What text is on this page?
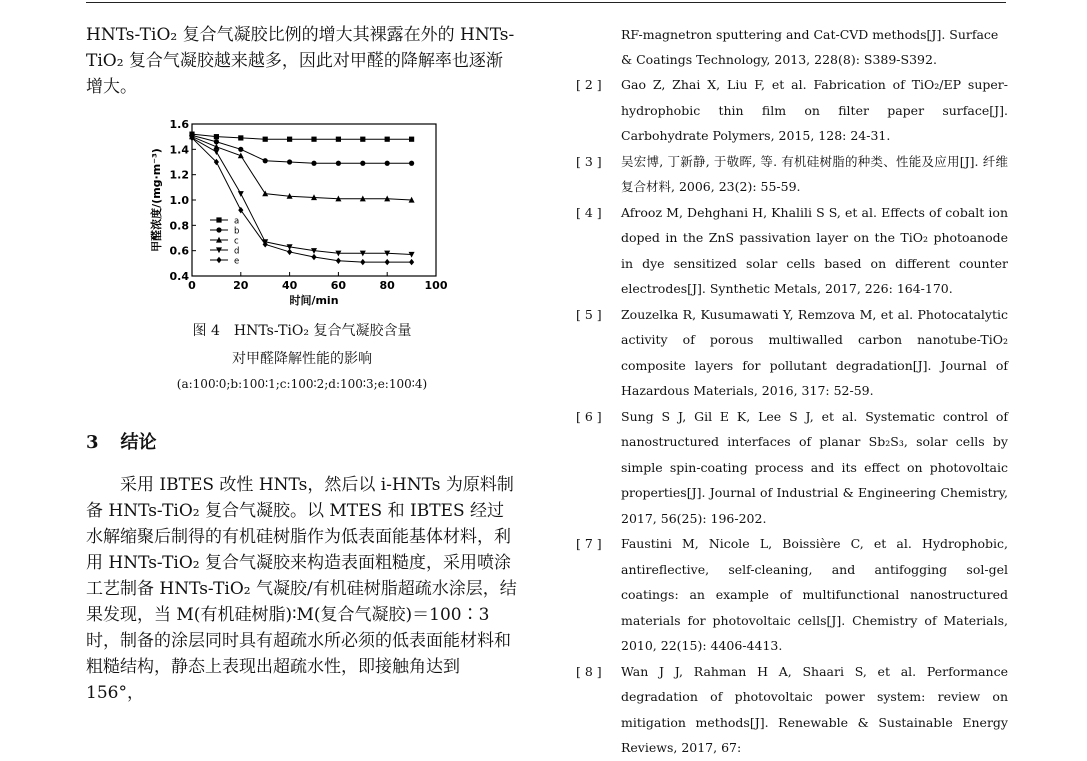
HNTs-TiO₂ 复合气凝胶比例的增大其裸露在外的 HNTs-TiO₂ 复合气凝胶越来越多，因此对甲醛的降解率也逐渐增大。

0	20	40	60	80	100
0.4
0.6
0.8
1.0
1.2
1.4
1.6
时间/min
甲醛浓度/(mg·m⁻³)	a
b
c
d
e
图 4　HNTs-TiO₂ 复合气凝胶含量
对甲醛降解性能的影响
(a:100∶0;b:100∶1;c:100∶2;d:100∶3;e:100∶4)
3 结论

采用 IBTES 改性 HNTs，然后以 i-HNTs 为原料制备 HNTs-TiO₂ 复合气凝胶。以 MTES 和 IBTES 经过水解缩聚后制得的有机硅树脂作为低表面能基体材料，利用 HNTs-TiO₂ 复合气凝胶来构造表面粗糙度，采用喷涂工艺制备 HNTs-TiO₂ 气凝胶/有机硅树脂超疏水涂层，结果发现，当 M(有机硅树脂)∶M(复合气凝胶)＝100∶3时，制备的涂层同时具有超疏水所必须的低表面能材料和粗糙结构，静态上表现出超疏水性，即接触角达到 156°，

RF-magnetron sputtering and Cat-CVD methods[J]. Surface & Coatings Technology, 2013, 228(8): S389-S392.
[ 2 ]	Gao Z, Zhai X, Liu F, et al. Fabrication of TiO₂/EP super-hydrophobic thin film on filter paper surface[J]. Carbohydrate Polymers, 2015, 128: 24-31.
[ 3 ]	吴宏博, 丁新静, 于敬晖, 等. 有机硅树脂的种类、性能及应用[J]. 纤维复合材料, 2006, 23(2): 55-59.
[ 4 ]	Afrooz M, Dehghani H, Khalili S S, et al. Effects of cobalt ion doped in the ZnS passivation layer on the TiO₂ photoanode in dye sensitized solar cells based on different counter electrodes[J]. Synthetic Metals, 2017, 226: 164-170.
[ 5 ]	Zouzelka R, Kusumawati Y, Remzova M, et al. Photocatalytic activity of porous multiwalled carbon nanotube-TiO₂ composite layers for pollutant degradation[J]. Journal of Hazardous Materials, 2016, 317: 52-59.
[ 6 ]	Sung S J, Gil E K, Lee S J, et al. Systematic control of nanostructured interfaces of planar Sb₂S₃, solar cells by simple spin-coating process and its effect on photovoltaic properties[J]. Journal of Industrial & Engineering Chemistry, 2017, 56(25): 196-202.
[ 7 ]	Faustini M, Nicole L, Boissière C, et al. Hydrophobic, antireflective, self-cleaning, and antifogging sol-gel coatings: an example of multifunctional nanostructured materials for photovoltaic cells[J]. Chemistry of Materials, 2010, 22(15): 4406-4413.
[ 8 ]	Wan J J, Rahman H A, Shaari S, et al. Performance degradation of photovoltaic power system: review on mitigation methods[J]. Renewable & Sustainable Energy Reviews, 2017, 67:
